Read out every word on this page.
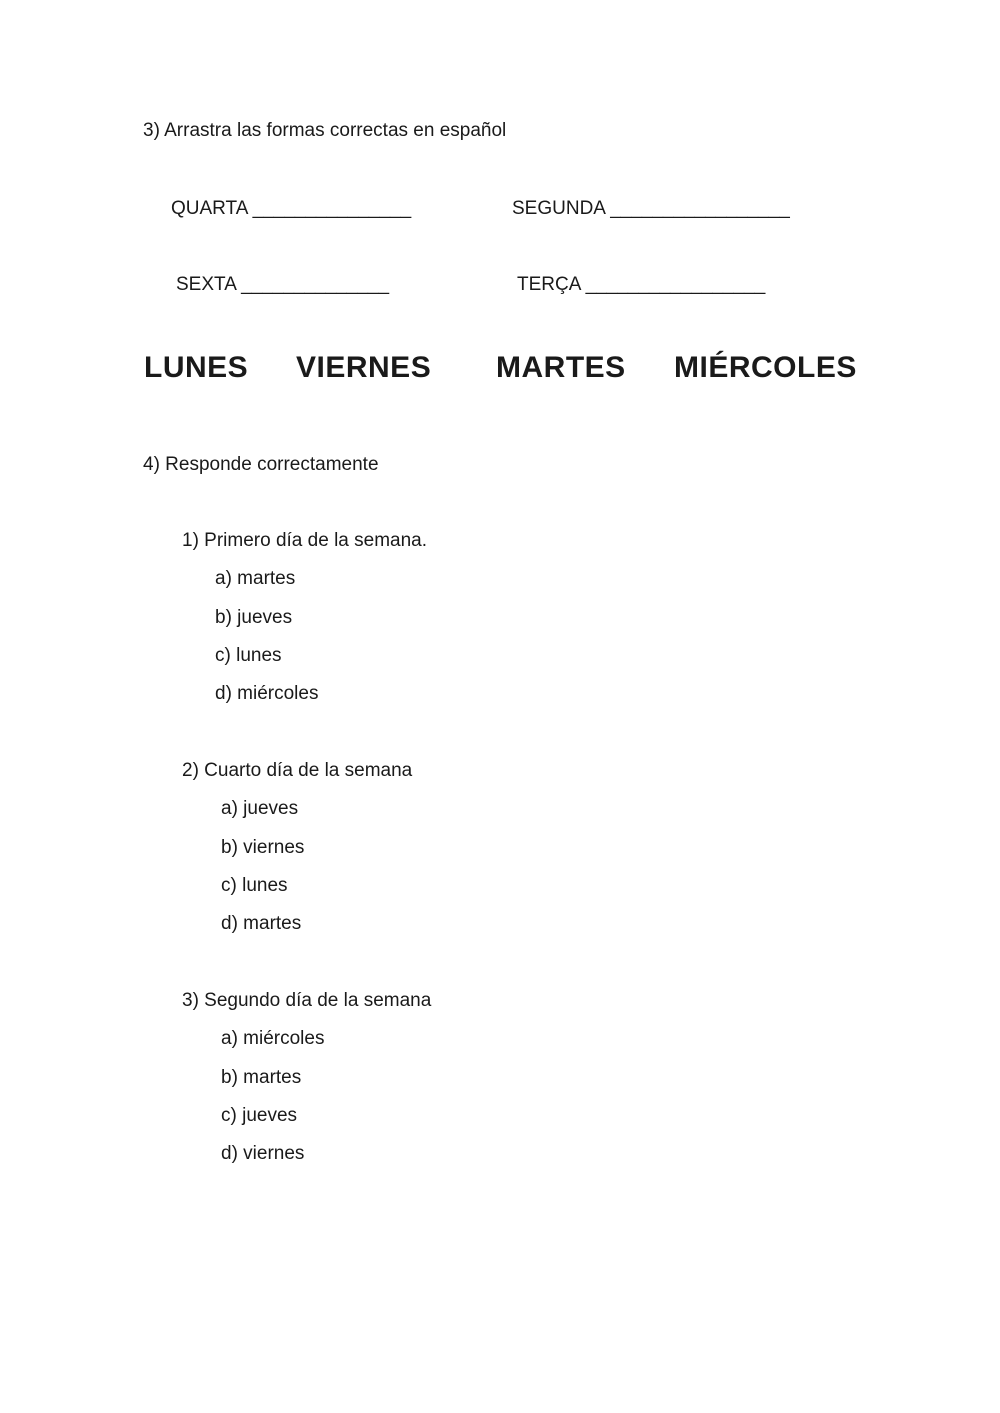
3) Arrastra las formas correctas en español
QUARTA _______________	SEGUNDA _________________
SEXTA ______________	TERÇA _________________
LUNES VIERNES MARTES MIÉRCOLES
4) Responde correctamente
1) Primero día de la semana.
a) martes
b) jueves
c) lunes
d) miércoles
2) Cuarto día de la semana
a) jueves
b) viernes
c) lunes
d) martes
3) Segundo día de la semana
a) miércoles
b) martes
c) jueves
d) viernes
